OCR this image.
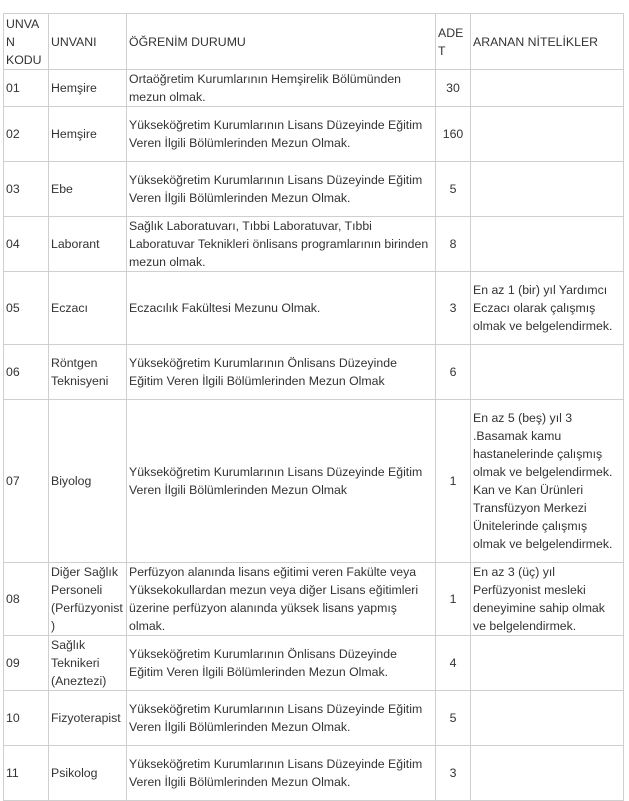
UNVAN KODU	UNVANI	ÖĞRENİM DURUMU	ADET	ARANAN NİTELİKLER
01	Hemşire	Ortaöğretim Kurumlarının Hemşirelik Bölümünden mezun olmak.	30	
02	Hemşire	Yükseköğretim Kurumlarının Lisans Düzeyinde Eğitim Veren İlgili Bölümlerinden Mezun Olmak.	160	
03	Ebe	Yükseköğretim Kurumlarının Lisans Düzeyinde Eğitim Veren İlgili Bölümlerinden Mezun Olmak.	5	
04	Laborant	Sağlık Laboratuvarı, Tıbbi Laboratuvar, Tıbbi Laboratuvar Teknikleri önlisans programlarının birinden mezun olmak.	8	
05	Eczacı	Eczacılık Fakültesi Mezunu Olmak.	3	En az 1 (bir) yıl Yardımcı Eczacı olarak çalışmış olmak ve belgelendirmek.
06	Röntgen Teknisyeni	Yükseköğretim Kurumlarının Önlisans Düzeyinde Eğitim Veren İlgili Bölümlerinden Mezun Olmak	6	
07	Biyolog	Yükseköğretim Kurumlarının Lisans Düzeyinde Eğitim Veren İlgili Bölümlerinden Mezun Olmak	1	En az 5 (beş) yıl 3 .Basamak kamu hastanelerinde çalışmış olmak ve belgelendirmek. Kan ve Kan Ürünleri Transfüzyon Merkezi Ünitelerinde çalışmış olmak ve belgelendirmek.
08	Diğer Sağlık Personeli (Perfüzyonist)	Perfüzyon alanında lisans eğitimi veren Fakülte veya Yüksekokullardan mezun veya diğer Lisans eğitimleri üzerine perfüzyon alanında yüksek lisans yapmış olmak.	1	En az 3 (üç) yıl Perfüzyonist mesleki deneyimine sahip olmak ve belgelendirmek.
09	Sağlık Teknikeri (Aneztezi)	Yükseköğretim Kurumlarının Önlisans Düzeyinde Eğitim Veren İlgili Bölümlerinden Mezun Olmak.	4	
10	Fizyoterapist	Yükseköğretim Kurumlarının Lisans Düzeyinde Eğitim Veren İlgili Bölümlerinden Mezun Olmak.	5	
11	Psikolog	Yükseköğretim Kurumlarının Lisans Düzeyinde Eğitim Veren İlgili Bölümlerinden Mezun Olmak.	3	
